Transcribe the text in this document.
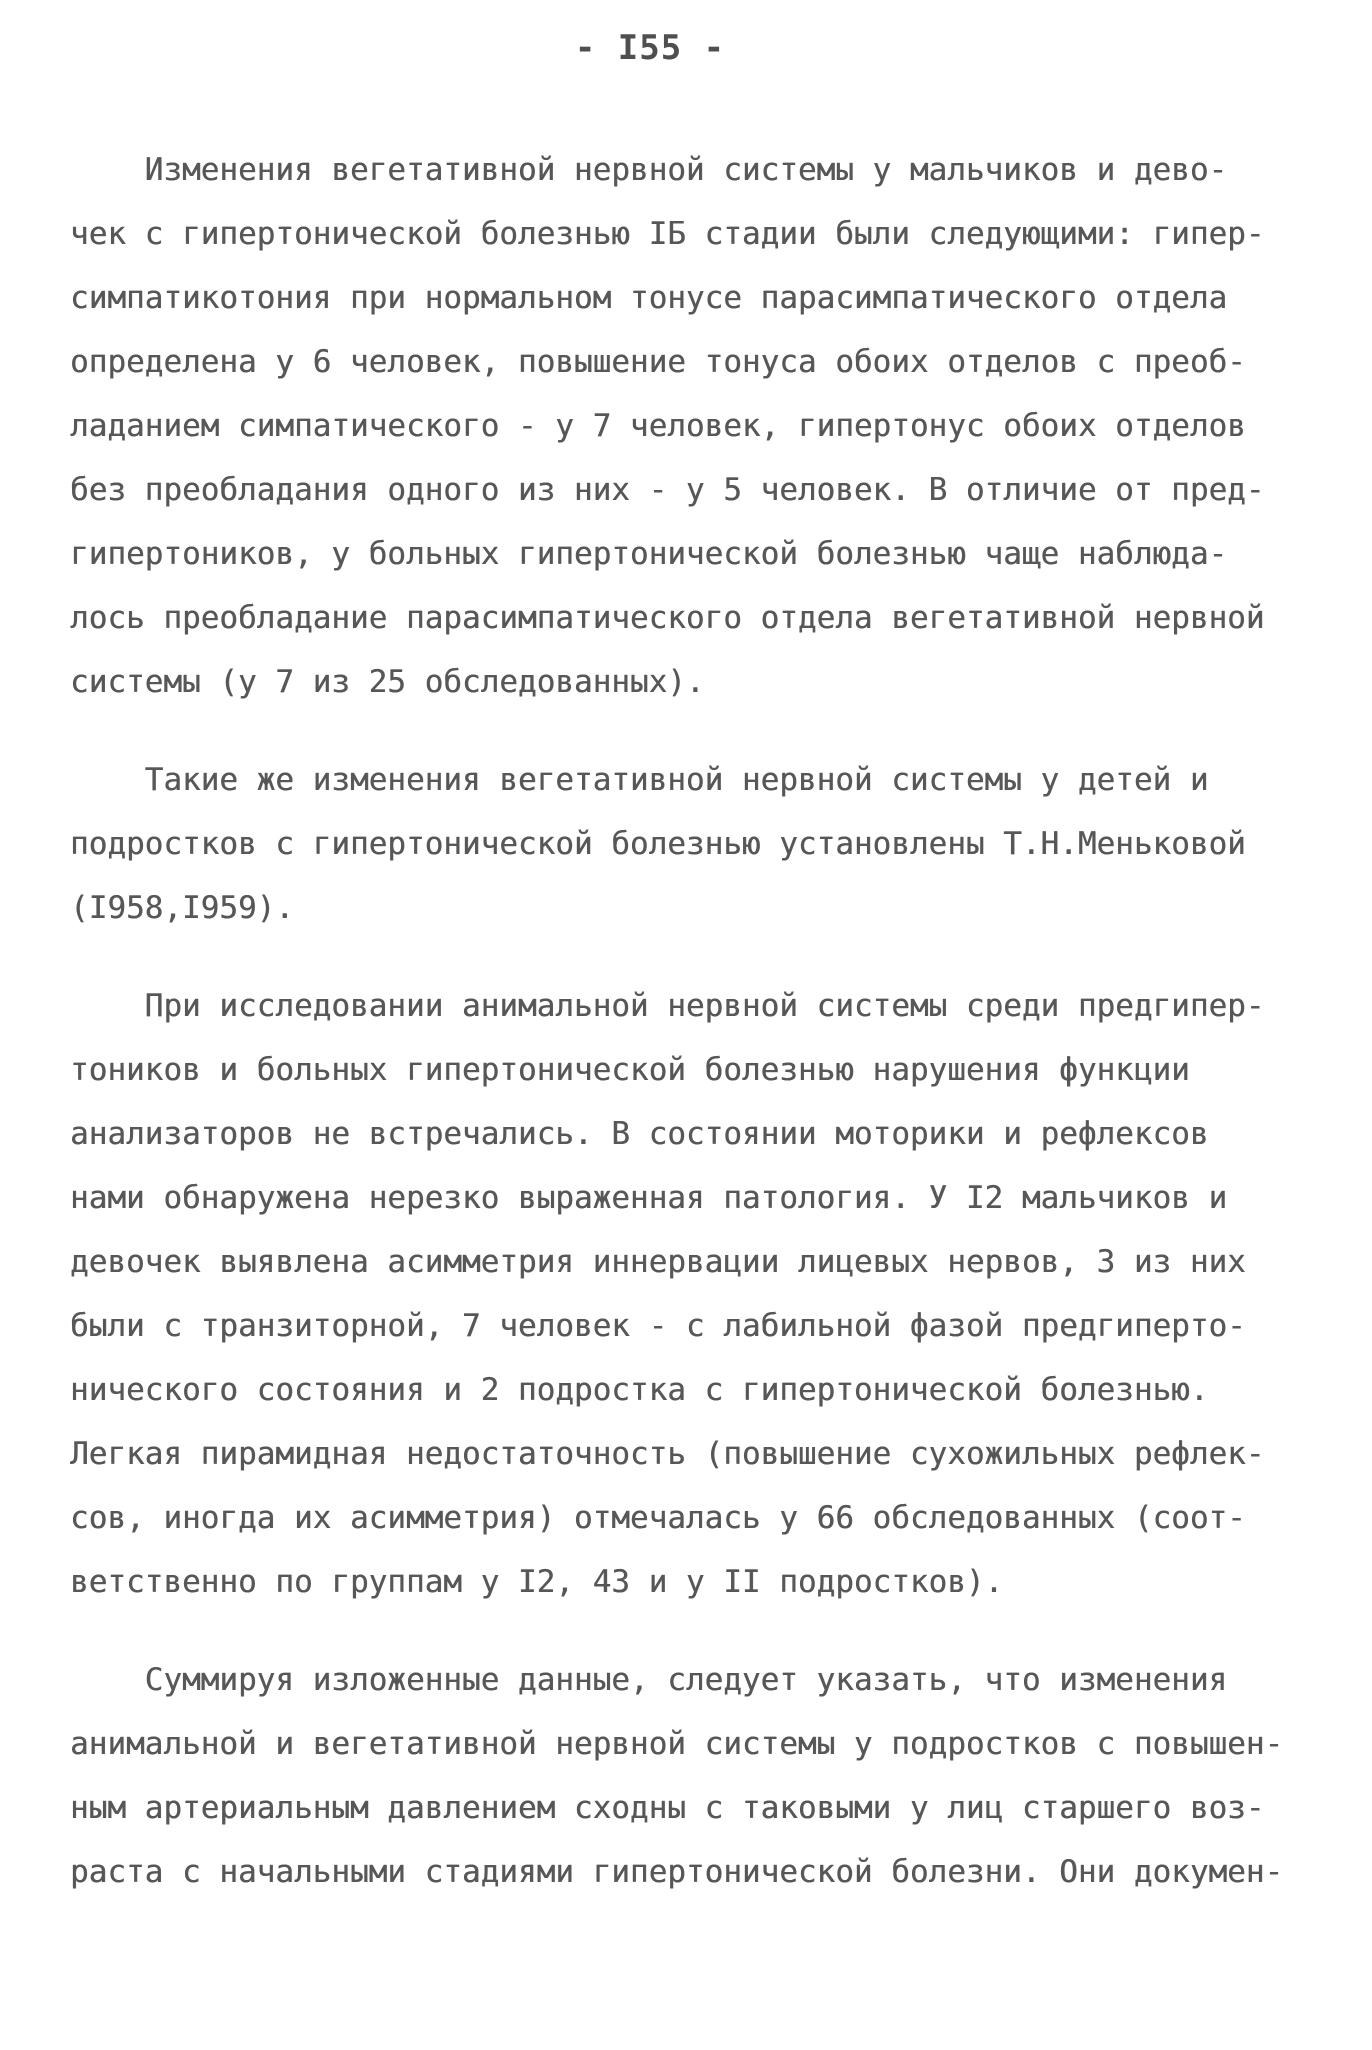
- I55 -
Изменения вегетативной нервной системы у мальчиков и дево-
чек с гипертонической болезнью IБ стадии были следующими: гипер-
симпатикотония при нормальном тонусе парасимпатического отдела
определена у 6 человек, повышение тонуса обоих отделов с преоб-
ладанием симпатического - у 7 человек, гипертонус обоих отделов
без преобладания одного из них - у 5 человек. В отличие от пред-
гипертоников, у больных гипертонической болезнью чаще наблюда-
лось преобладание парасимпатического отдела вегетативной нервной
системы (у 7 из 25 обследованных).
Такие же изменения вегетативной нервной системы у детей и
подростков с гипертонической болезнью установлены Т.Н.Меньковой
(I958,I959).
При исследовании анимальной нервной системы среди предгипер-
тоников и больных гипертонической болезнью нарушения функции
анализаторов не встречались. В состоянии моторики и рефлексов
нами обнаружена нерезко выраженная патология. У I2 мальчиков и
девочек выявлена асимметрия иннервации лицевых нервов, 3 из них
были с транзиторной, 7 человек - с лабильной фазой предгиперто-
нического состояния и 2 подростка с гипертонической болезнью.
Легкая пирамидная недостаточность (повышение сухожильных рефлек-
сов, иногда их асимметрия) отмечалась у 66 обследованных (соот-
ветственно по группам у I2, 43 и у II подростков).
Суммируя изложенные данные, следует указать, что изменения
анимальной и вегетативной нервной системы у подростков с повышен-
ным артериальным давлением сходны с таковыми у лиц старшего воз-
раста с начальными стадиями гипертонической болезни. Они докумен-
